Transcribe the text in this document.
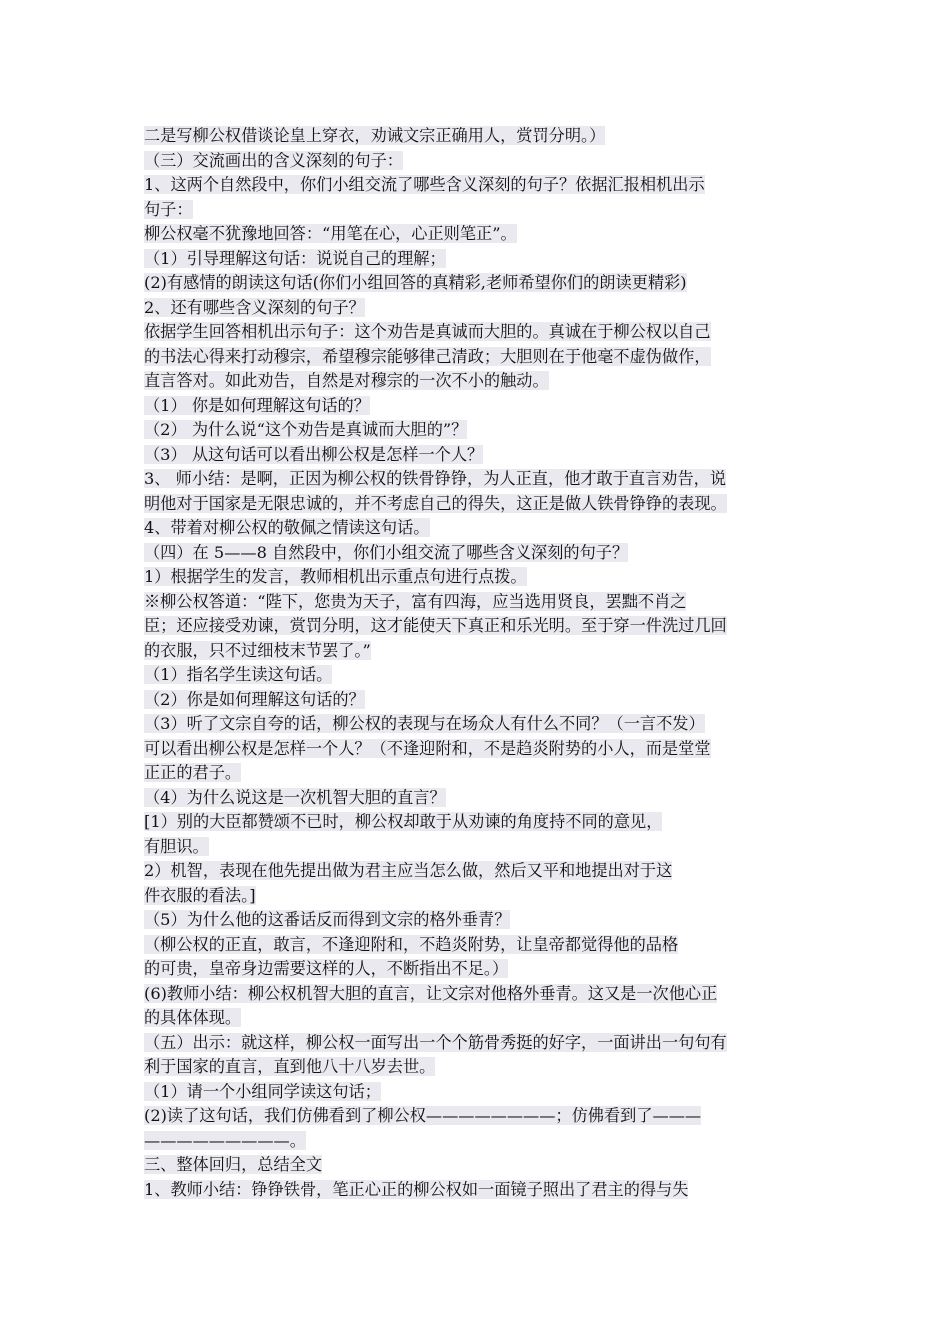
二是写柳公权借谈论皇上穿衣，劝诫文宗正确用人，赏罚分明。）
（三）交流画出的含义深刻的句子：
1、这两个自然段中，你们小组交流了哪些含义深刻的句子？依据汇报相机出示
句子：
柳公权毫不犹豫地回答：“用笔在心，心正则笔正”。
（1）引导理解这句话：说说自己的理解；
(2)有感情的朗读这句话(你们小组回答的真精彩,老师希望你们的朗读更精彩)
2、还有哪些含义深刻的句子？
依据学生回答相机出示句子：这个劝告是真诚而大胆的。真诚在于柳公权以自己
的书法心得来打动穆宗，希望穆宗能够律己清政；大胆则在于他毫不虚伪做作，
直言答对。如此劝告，自然是对穆宗的一次不小的触动。
（1） 你是如何理解这句话的？
（2） 为什么说“这个劝告是真诚而大胆的”？
（3） 从这句话可以看出柳公权是怎样一个人？
3、 师小结：是啊，正因为柳公权的铁骨铮铮，为人正直，他才敢于直言劝告，说
明他对于国家是无限忠诚的，并不考虑自己的得失，这正是做人铁骨铮铮的表现。
4、带着对柳公权的敬佩之情读这句话。
（四）在 5——8 自然段中，你们小组交流了哪些含义深刻的句子？
1）根据学生的发言，教师相机出示重点句进行点拨。
※柳公权答道：“陛下，您贵为天子，富有四海，应当选用贤良，罢黜不肖之
臣；还应接受劝谏，赏罚分明，这才能使天下真正和乐光明。至于穿一件洗过几回
的衣服，只不过细枝末节罢了。”
（1）指名学生读这句话。
（2）你是如何理解这句话的？
（3）听了文宗自夸的话，柳公权的表现与在场众人有什么不同？（一言不发）
可以看出柳公权是怎样一个人？（不逢迎附和，不是趋炎附势的小人，而是堂堂
正正的君子。
（4）为什么说这是一次机智大胆的直言？
[1）别的大臣都赞颂不已时，柳公权却敢于从劝谏的角度持不同的意见，
有胆识。
2）机智，表现在他先提出做为君主应当怎么做，然后又平和地提出对于这
件衣服的看法。]
（5）为什么他的这番话反而得到文宗的格外垂青？
（柳公权的正直，敢言，不逢迎附和，不趋炎附势，让皇帝都觉得他的品格
的可贵，皇帝身边需要这样的人，不断指出不足。）
(6)教师小结：柳公权机智大胆的直言，让文宗对他格外垂青。这又是一次他心正
的具体体现。
（五）出示：就这样，柳公权一面写出一个个筋骨秀挺的好字，一面讲出一句句有
利于国家的直言，直到他八十八岁去世。
（1）请一个小组同学读这句话；
(2)读了这句话，我们仿佛看到了柳公权————————；仿佛看到了———
—————————。
三、整体回归，总结全文
1、教师小结：铮铮铁骨，笔正心正的柳公权如一面镜子照出了君主的得与失
